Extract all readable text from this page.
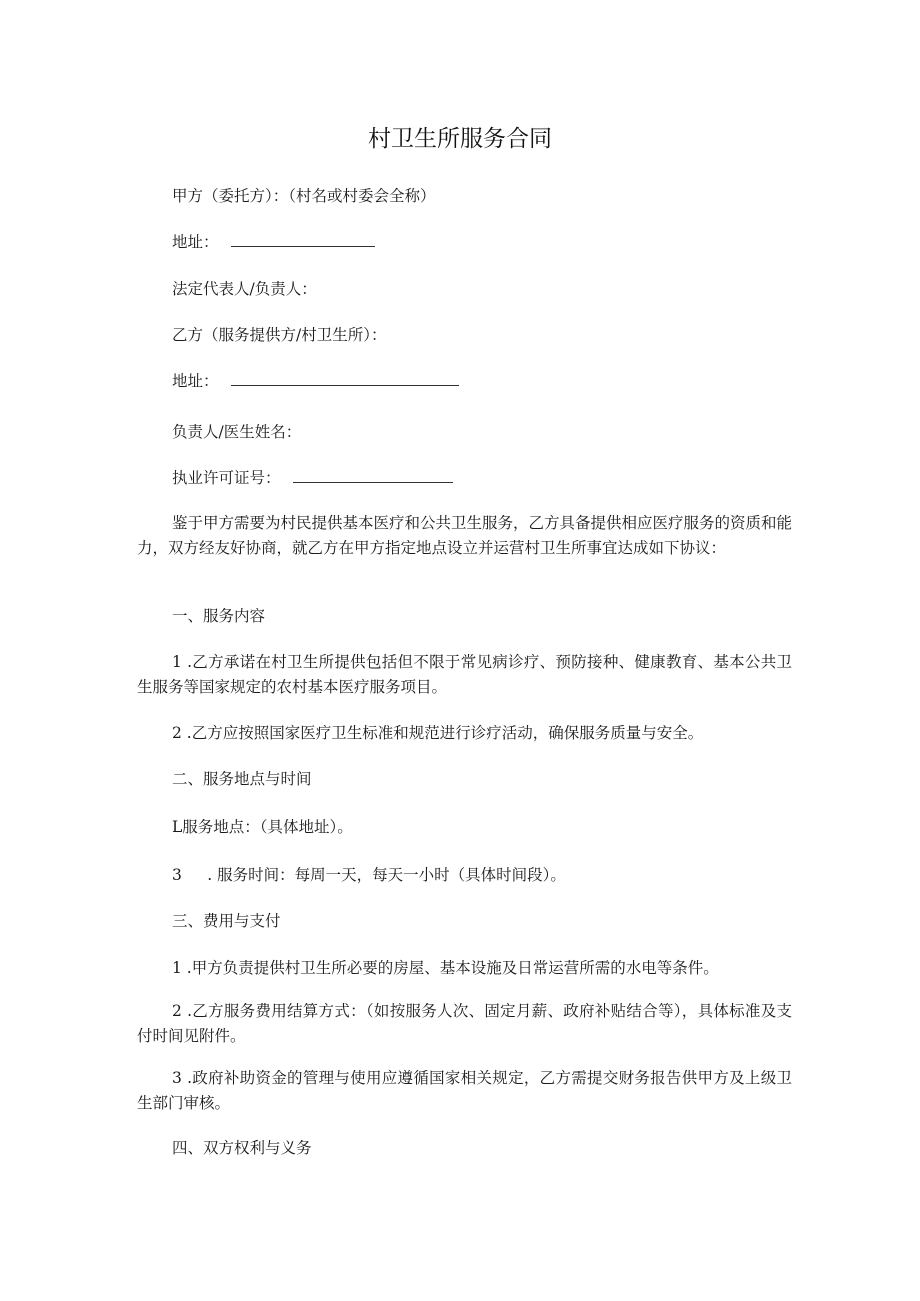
村卫生所服务合同
甲方（委托方）：（村名或村委会全称）
地址：
法定代表人/负责人：
乙方（服务提供方/村卫生所）：
地址：
负责人/医生姓名：
执业许可证号：
鉴于甲方需要为村民提供基本医疗和公共卫生服务，乙方具备提供相应医疗服务的资质和能力，双方经友好协商，就乙方在甲方指定地点设立并运营村卫生所事宜达成如下协议：
一、服务内容
1 .乙方承诺在村卫生所提供包括但不限于常见病诊疗、预防接种、健康教育、基本公共卫生服务等国家规定的农村基本医疗服务项目。
2 .乙方应按照国家医疗卫生标准和规范进行诊疗活动，确保服务质量与安全。
二、服务地点与时间
L服务地点：（具体地址）。
3 　 . 服务时间：每周一天，每天一小时（具体时间段）。
三、费用与支付
1 .甲方负责提供村卫生所必要的房屋、基本设施及日常运营所需的水电等条件。
2 .乙方服务费用结算方式：（如按服务人次、固定月薪、政府补贴结合等），具体标准及支付时间见附件。
3 .政府补助资金的管理与使用应遵循国家相关规定，乙方需提交财务报告供甲方及上级卫生部门审核。
四、双方权利与义务
